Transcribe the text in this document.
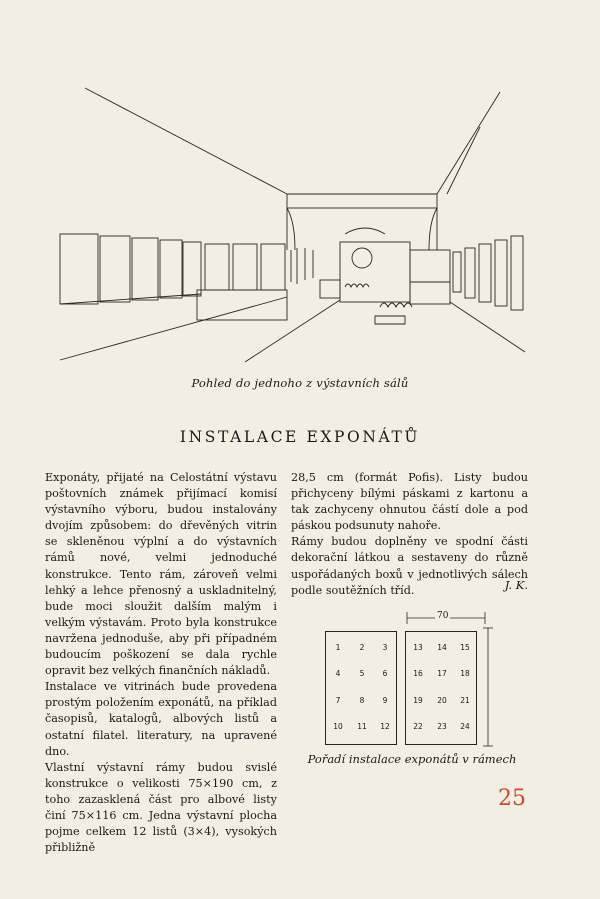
Pohled do jednoho z výstavních sálů
INSTALACE EXPONÁTŮ

Exponáty, přijaté na Celostátní výstavu poštovních známek přijímací komisí výstavního výboru, budou instalovány dvojím způsobem: do dřevěných vitrin se skleněnou výplní a do výstavních rámů nové, velmi jednoduché konstrukce. Tento rám, zároveň velmi lehký a lehce přenosný a uskladnitelný, bude moci sloužit dalším malým i velkým výstavám. Proto byla konstrukce navržena jednoduše, aby při případném budoucím poškození se dala rychle opravit bez velkých finančních nákladů.

Instalace ve vitrinách bude provedena prostým položením exponátů, na příklad časopisů, katalogů, albových listů a ostatní filatel. literatury, na upravené dno.

Vlastní výstavní rámy budou svislé konstrukce o velikosti 75×190 cm, z toho zazasklená část pro albové listy činí 75×116 cm. Jedna výstavní plocha pojme celkem 12 listů (3×4), vysokých přibližně

28,5 cm (formát Pofis). Listy budou přichyceny bílými páskami z kartonu a tak zachyceny ohnutou částí dole a pod páskou podsunuty nahoře.

Rámy budou doplněny ve spodní části dekorační látkou a sestaveny do různě uspořádaných boxů v jednotlivých sálech podle soutěžních tříd.	J. K.
70
1	2	3
4	5	6
7	8	9
10	11	12
13	14	15
16	17	18
19	20	21
22	23	24
Pořadí instalace exponátů v rámech
25
